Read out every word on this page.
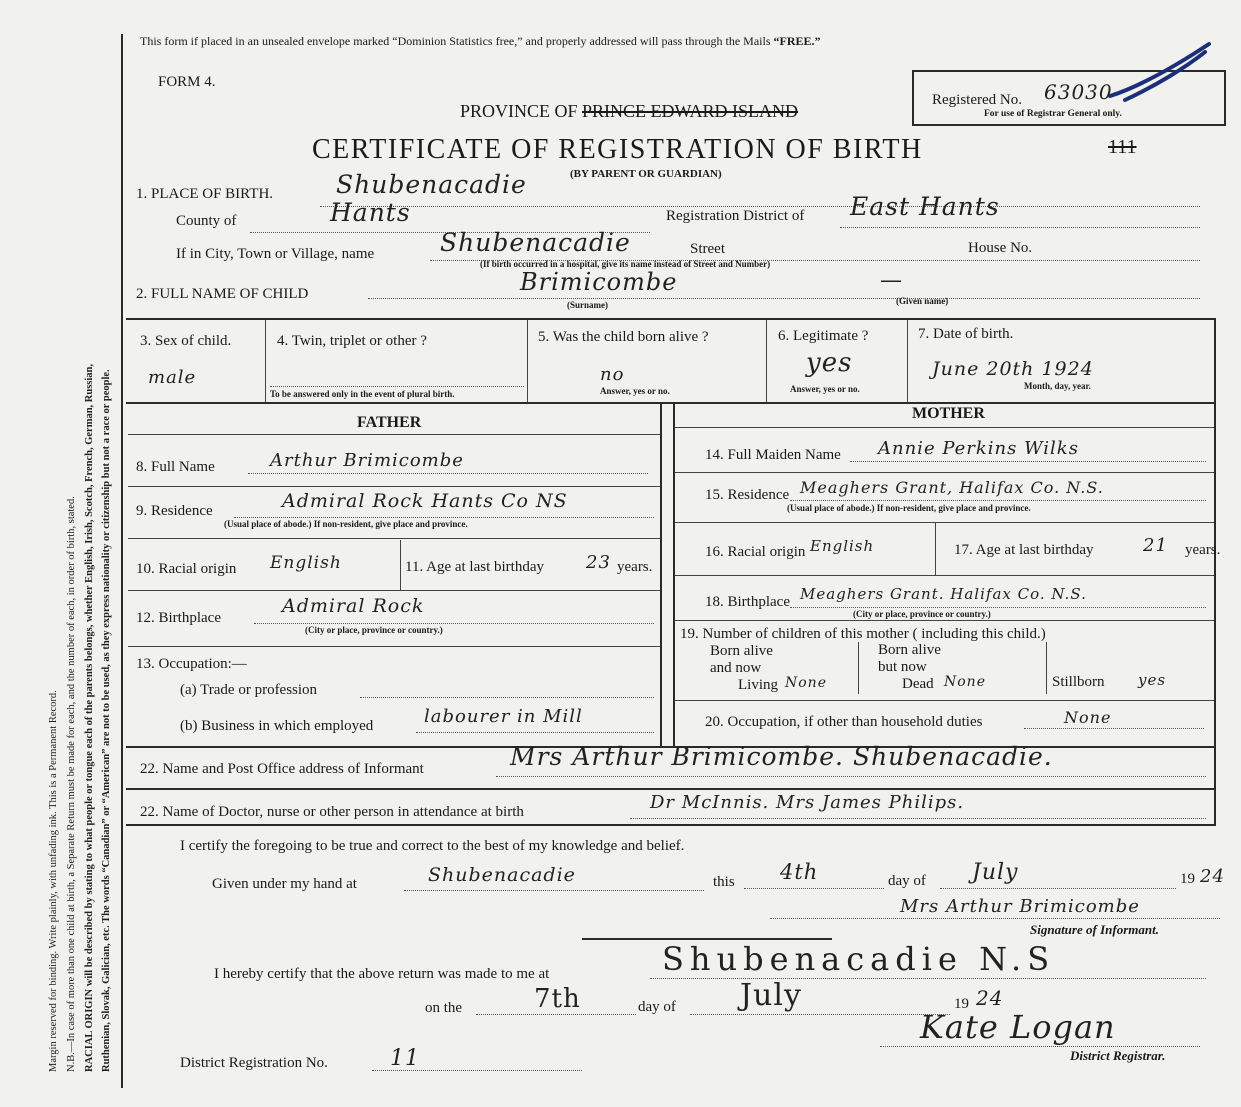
Margin reserved for binding. Write plainly, with unfading ink. This is a Permanent Record. N.B.—In case of more than one child at birth, a Separate Return must be made for each, and the number of each, in order of birth, stated. RACIAL ORIGIN will be described by stating to what people or tongue each of the parents belongs, whether English, Irish, Scotch, French, German, Russian, Ruthenian, Slovak, Galician, etc. The words “Canadian” or “American” are not to be used, as they express nationality or citizenship but not a race or people.
This form if placed in an unsealed envelope marked “Dominion Statistics free,” and properly addressed will pass through the Mails “FREE.”
FORM 4.
PROVINCE OF PRINCE EDWARD ISLAND
Registered No. 63030
For use of Registrar General only.
CERTIFICATE OF REGISTRATION OF BIRTH
(BY PARENT OR GUARDIAN)
111
1. PLACE OF BIRTH.	Shubenacadie
County of	Hants	Registration District of East Hants
If in City, Town or Village, name	Shubenacadie	Street	House No.
(If birth occurred in a hospital, give its name instead of Street and Number)
2. FULL NAME OF CHILD	Brimicombe	—
(Surname)	(Given name)
3. Sex of child.
male
4. Twin, triplet or other ?
To be answered only in the event of plural birth.
5. Was the child born alive ?
no
Answer, yes or no.
6. Legitimate ?
yes
Answer, yes or no.
7. Date of birth.
June 20th 1924
Month, day, year.
FATHER
MOTHER
8. Full Name	Arthur Brimicombe
9. Residence	Admiral Rock Hants Co NS
(Usual place of abode.) If non-resident, give place and province.
10. Racial origin English	11. Age at last birthday 23 years.
12. Birthplace
Admiral Rock
(City or place, province or country.)
13. Occupation:—
(a) Trade or profession
(b) Business in which employed	labourer in Mill
14. Full Maiden Name Annie Perkins Wilks
15. Residence Meaghers Grant, Halifax Co. N.S.
(Usual place of abode.) If non-resident, give place and province.
16. Racial origin English	17. Age at last birthday	21 years.
18. Birthplace Meaghers Grant. Halifax Co. N.S.
(City or place, province or country.)
19. Number of children of this mother ( including this child.)
Born alive
and now
Living None
Born alive
but now
Dead None	Stillborn yes
20. Occupation, if other than household duties	None
22. Name and Post Office address of Informant	Mrs Arthur Brimicombe. Shubenacadie.
22. Name of Doctor, nurse or other person in attendance at birth	Dr McInnis. Mrs James Philips.
I certify the foregoing to be true and correct to the best of my knowledge and belief.
Given under my hand at	Shubenacadie	this 4th	day of July	19 24
Mrs Arthur Brimicombe
Signature of Informant.
I hereby certify that the above return was made to me at	Shubenacadie N.S
on the	7th	day of July	19 24
Kate Logan
District Registrar.
District Registration No.	11
